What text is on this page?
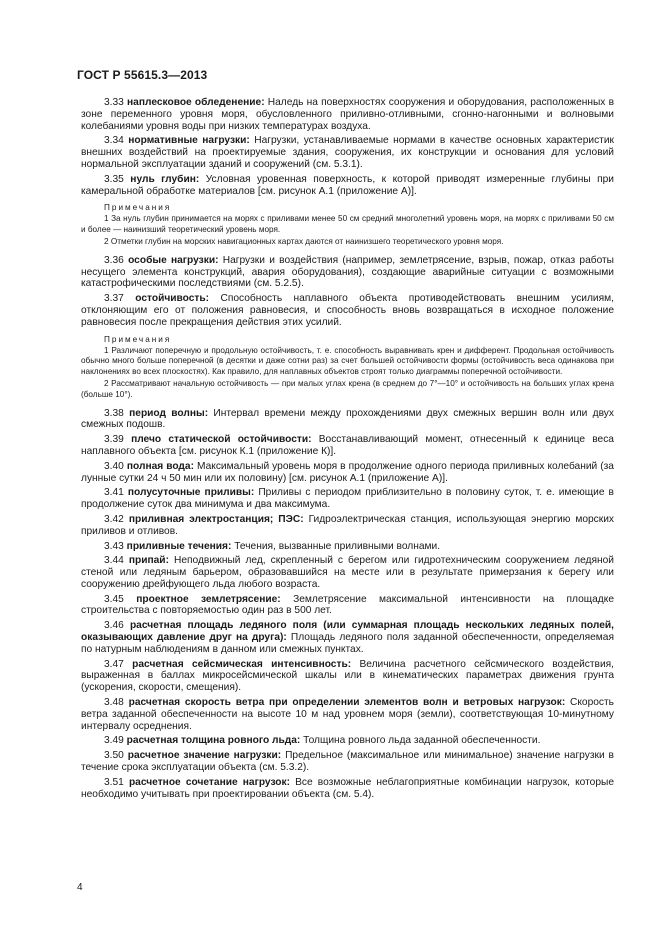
ГОСТ Р 55615.3—2013

3.33 наплесковое обледенение: Наледь на поверхностях сооружения и оборудования, расположенных в зоне переменного уровня моря, обусловленного приливно-отливными, сгонно-нагонными и волновыми колебаниями уровня воды при низких температурах воздуха.

3.34 нормативные нагрузки: Нагрузки, устанавливаемые нормами в качестве основных характеристик внешних воздействий на проектируемые здания, сооружения, их конструкции и основания для условий нормальной эксплуатации зданий и сооружений (см. 5.3.1).

3.35 нуль глубин: Условная уровенная поверхность, к которой приводят измеренные глубины при камеральной обработке материалов [см. рисунок А.1 (приложение А)].

Примечания
1 За нуль глубин принимается на морях с приливами менее 50 см средний многолетний уровень моря, на морях с приливами 50 см и более — наинизший теоретический уровень моря.
2 Отметки глубин на морских навигационных картах даются от наинизшего теоретического уровня моря.

3.36 особые нагрузки: Нагрузки и воздействия (например, землетрясение, взрыв, пожар, отказ работы несущего элемента конструкций, авария оборудования), создающие аварийные ситуации с возможными катастрофическими последствиями (см. 5.2.5).

3.37 остойчивость: Способность наплавного объекта противодействовать внешним усилиям, отклоняющим его от положения равновесия, и способность вновь возвращаться в исходное положение равновесия после прекращения действия этих усилий.

Примечания
1 Различают поперечную и продольную остойчивость, т. е. способность выравнивать крен и дифферент. Продольная остойчивость обычно много больше поперечной (в десятки и даже сотни раз) за счет большей остойчивости формы (остойчивость веса одинакова при наклонениях во всех плоскостях). Как правило, для наплавных объектов строят только диаграммы поперечной остойчивости.
2 Рассматривают начальную остойчивость — при малых углах крена (в среднем до 7°—10° и остойчивость на больших углах крена (больше 10°).

3.38 период волны: Интервал времени между прохождениями двух смежных вершин волн или двух смежных подошв.

3.39 плечо статической остойчивости: Восстанавливающий момент, отнесенный к единице веса наплавного объекта [см. рисунок К.1 (приложение К)].

3.40 полная вода: Максимальный уровень моря в продолжение одного периода приливных колебаний (за лунные сутки 24 ч 50 мин или их половину) [см. рисунок А.1 (приложение А)].

3.41 полусуточные приливы: Приливы с периодом приблизительно в половину суток, т. е. имеющие в продолжение суток два минимума и два максимума.

3.42 приливная электростанция; ПЭС: Гидроэлектрическая станция, использующая энергию морских приливов и отливов.

3.43 приливные течения: Течения, вызванные приливными волнами.

3.44 припай: Неподвижный лед, скрепленный с берегом или гидротехническим сооружением ледяной стеной или ледяным барьером, образовавшийся на месте или в результате примерзания к берегу или сооружению дрейфующего льда любого возраста.

3.45 проектное землетрясение: Землетрясение максимальной интенсивности на площадке строительства с повторяемостью один раз в 500 лет.

3.46 расчетная площадь ледяного поля (или суммарная площадь нескольких ледяных полей, оказывающих давление друг на друга): Площадь ледяного поля заданной обеспеченности, определяемая по натурным наблюдениям в данном или смежных пунктах.

3.47 расчетная сейсмическая интенсивность: Величина расчетного сейсмического воздействия, выраженная в баллах микросейсмической шкалы или в кинематических параметрах движения грунта (ускорения, скорости, смещения).

3.48 расчетная скорость ветра при определении элементов волн и ветровых нагрузок: Скорость ветра заданной обеспеченности на высоте 10 м над уровнем моря (земли), соответствующая 10-минутному интервалу осреднения.

3.49 расчетная толщина ровного льда: Толщина ровного льда заданной обеспеченности.

3.50 расчетное значение нагрузки: Предельное (максимальное или минимальное) значение нагрузки в течение срока эксплуатации объекта (см. 5.3.2).

3.51 расчетное сочетание нагрузок: Все возможные неблагоприятные комбинации нагрузок, которые необходимо учитывать при проектировании объекта (см. 5.4).

4
